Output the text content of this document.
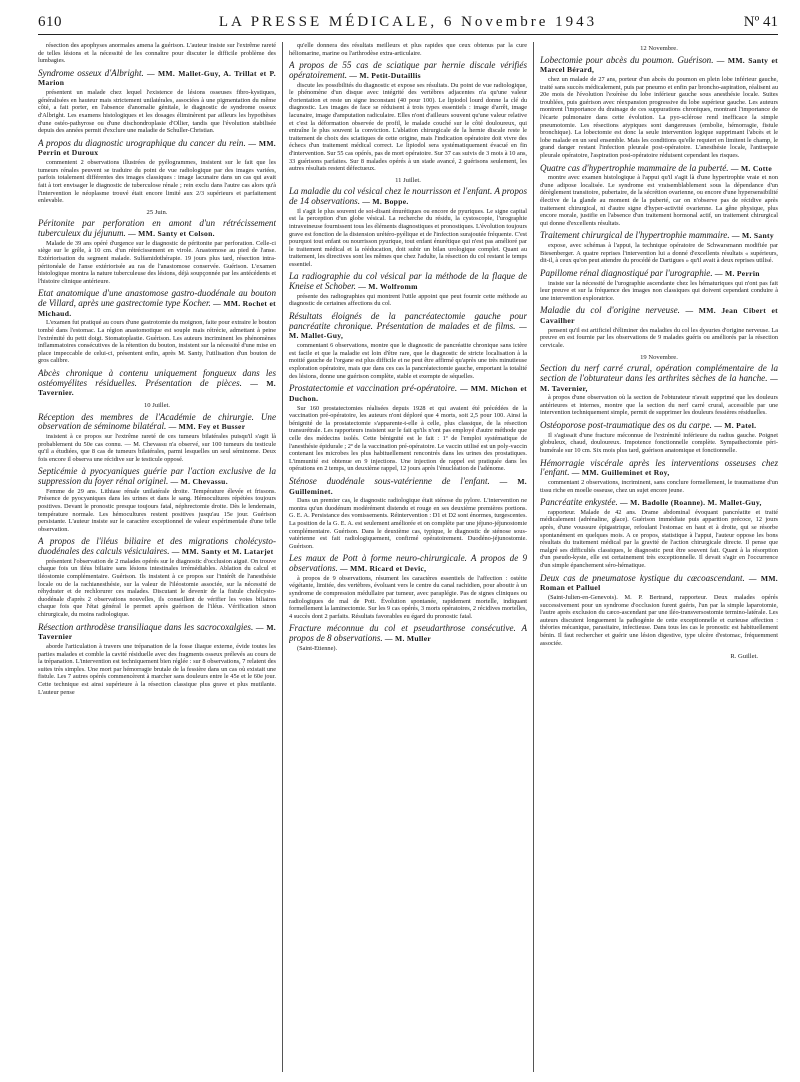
610	LA PRESSE MÉDICALE, 6 Novembre 1943	Nº 41

résection des apophyses anormales amena la guérison. L'auteur insiste sur l'extrême rareté de telles lésions et la nécessité de les connaître pour discuter le difficile problème des lumbagies.

Syndrome osseux d'Albright. — MM. Mallet-Guy, A. Trillat et P. Marion

présentent un malade chez lequel l'existence de lésions osseuses fibro-kystiques, généralisées en hauteur mais strictement unilatérales, associées à une pigmentation du même côté, a fait porter, en l'absence d'anomalie génitale, le diagnostic de syndrome osseux d'Albright. Les examens histologiques et les dosages éliminèrent par ailleurs les hypothèses d'une ostéo-pathyrose ou d'une dischondroplasie d'Ollier, tandis que l'évolution stabilisée depuis des années permit d'exclure une maladie de Schuller-Christian.

A propos du diagnostic urographique du cancer du rein. — MM. Perrin et Duroux

commentent 2 observations illustrées de pyélogrammes, insistent sur le fait que les tumeurs rénales peuvent se traduire du point de vue radiologique par des images variées, parfois totalement différentes des images classiques : image lacunaire dans un cas qui avait fait à tort envisager le diagnostic de tuberculose rénale ; rein exclu dans l'autre cas alors qu'à l'intervention le néoplasme trouvé était encore limité aux 2/3 supérieurs et parfaitement enlevable.

25 Juin.
Péritonite par perforation en amont d'un rétrécissement tuberculeux du jéjunum. — MM. Santy et Colson.

Malade de 39 ans opéré d'urgence sur le diagnostic de péritonite par perforation. Celle-ci siège sur le grêle, à 10 cm. d'un rétrécissement en virole. Anastomose au pied de l'anse. Extériorisation du segment malade. Sulfamidothérapie. 19 jours plus tard, résection intra-péritonéale de l'anse extériorisée au ras de l'anastomose conservée. Guérison. L'examen histologique montra la nature tuberculeuse des lésions, déjà soupçonnée par les antécédents et l'histoire clinique antérieure.

Etat anatomique d'une anastomose gastro-duodénale au bouton de Villard, après une gastrectomie type Kocher. — MM. Rochet et Michaud.

L'examen fut pratiqué au cours d'une gastrotomie du moignon, faite pour extraire le bouton tombé dans l'estomac. La région anastomotique est souple mais rétrécie, admettant à peine l'extrémité du petit doigt. Stomatoplastie. Guérison. Les auteurs incriminent les phénomènes inflammatoires consécutives de la rétention du bouton, insistent sur la nécessité d'une mise en place impeccable de celui-ci, présentent enfin, après M. Santy, l'utilisation d'un bouton de gros calibre.

Abcès chronique à contenu uniquement fongueux dans les ostéomyélites résiduelles. Présentation de pièces. — M. Tavernier.
10 Juillet.
Réception des membres de l'Académie de chirurgie. Une observation de séminome bilatéral. — MM. Fey et Busser

insistent à ce propos sur l'extrême rareté de ces tumeurs bilatérales puisqu'il s'agit là probablement du 50e cas connu. — M. Chevassu n'a observé, sur 100 tumeurs du testicule qu'il a étudiées, que 8 cas de tumeurs bilatérales, parmi lesquelles un seul séminome. Deux fois encore il observa une récidive sur le testicule opposé.

Septicémie à pyocyaniques guérie par l'action exclusive de la suppression du foyer rénal originel. — M. Chevassu.

Femme de 29 ans. Lithiase rénale unilatérale droite. Température élevée et frissons. Présence de pyocyaniques dans les urines et dans le sang. Hémocultures répétées toujours positives. Devant le pronostic presque toujours fatal, néphrectomie droite. Dès le lendemain, température normale. Les hémocultures restent positives jusqu'au 15e jour. Guérison persistante. L'auteur insiste sur le caractère exceptionnel de valeur expérimentale d'une telle observation.

A propos de l'iléus biliaire et des migrations cholécysto-duodénales des calculs vésiculaires. — MM. Santy et M. Latarjet

présentent l'observation de 2 malades opérés sur le diagnostic d'occlusion aiguë. On trouve chaque fois un iléus biliaire sans lésions intestinales irrémédiables. Ablation du calcul et iléostomie complémentaire. Guérison. Ils insistent à ce propos sur l'intérêt de l'anesthésie locale ou de la rachianesthésie, sur la valeur de l'iléostomie associée, sur la nécessité de réhydrater et de rechlorurer ces malades. Discutant le devenir de la fistule cholécysto-duodénale d'après 2 observations nouvelles, ils conseillent de vérifier les voies biliaires chaque fois que l'état général le permet après guérison de l'iléus. Vérification sinon chirurgicale, du moins radiologique.

Résection arthrodèse transiliaque dans les sacrocoxalgies. — M. Tavernier

aborde l'articulation à travers une trépanation de la fosse iliaque externe, évide toutes les parties malades et comble la cavité résiduelle avec des fragments osseux prélevés au cours de la trépanation. L'intervention est techniquement bien réglée : sur 8 observations, 7 relatent des suites très simples. Une mort par hémorragie brutale de la fessière dans un cas où existait une fistule. Les 7 autres opérés commencèrent à marcher sans douleurs entre le 45e et le 60e jour. Cette technique est ainsi supérieure à la résection classique plus grave et plus mutilante. L'auteur pense

qu'elle donnera des résultats meilleurs et plus rapides que ceux obtenus par la cure héliomarine, marine ou l'arthrodèse extra-articulaire.

A propos de 55 cas de sciatique par hernie discale vérifiés opératoirement. — M. Petit-Dutaillis

discute les possibilités du diagnostic et expose ses résultats. Du point de vue radiologique, le phénomène d'un disque avec intégrité des vertèbres adjacentes n'a qu'une valeur d'orientation et reste un signe inconstant (40 pour 100). Le lipiodol lourd donne la clé du diagnostic. Les images de face se réduisent à trois types essentiels : image d'arrêt, image lacunaire, image d'amputation radiculaire. Elles n'ont d'ailleurs souvent qu'une valeur relative et c'est la déformation observée de profil, le malade couché sur le côté douloureux, qui entraîne le plus souvent la conviction. L'ablation chirurgicale de la hernie discale reste le traitement de choix des sciatiques de cette origine, mais l'indication opératoire doit vivre des échecs d'un traitement médical correct. Le lipiodol sera systématiquement évacué en fin d'intervention. Sur 55 cas opérés, pas de mort opératoire. Sur 37 cas suivis de 3 mois à 10 ans, 33 guérisons parfaites. Sur 8 malades opérés à un stade avancé, 2 guérisons seulement, les autres résultats restent défectueux.

11 Juillet.
La maladie du col vésical chez le nourrisson et l'enfant. A propos de 14 observations. — M. Boppe.

Il s'agit le plus souvent de soi-disant énurétiques ou encore de pyuriques. Le signe capital est la perception d'un globe vésical. La recherche du résidu, la cystoscopie, l'urographie intraveineuse fournissent tous les éléments diagnostiques et pronostiques. L'évolution toujours grave est fonction de la distension urétéro-pyélique et de l'infection surajoutée fréquente. C'est pourquoi tout enfant ou nourrisson pyurique, tout enfant énurétique qui n'est pas amélioré par le traitement médical et la rééducation, doit subir un bilan urologique complet. Quant au traitement, les directives sont les mêmes que chez l'adulte, la résection du col restant le temps essentiel.

La radiographie du col vésical par la méthode de la flaque de Kneise et Schober. — M. Wolfromm

présente des radiographies qui montrent l'utile appoint que peut fournir cette méthode au diagnostic de certaines affections du col.

Résultats éloignés de la pancréatectomie gauche pour pancréatite chronique. Présentation de malades et de films. — M. Mallet-Guy,

commentant 6 observations, montre que le diagnostic de pancréatite chronique sans ictère est facile et que la maladie est loin d'être rare, que le diagnostic de stricte localisation à la moitié gauche de l'organe est plus difficile et ne peut être affirmé qu'après une très minutieuse exploration opératoire, mais que dans ces cas la pancréatectomie gauche, emportant la totalité des lésions, donne une guérison complète, stable et exempte de séquelles.

Prostatectomie et vaccination pré-opératoire. — MM. Michon et Duchon.

Sur 160 prostatectomies réalisées depuis 1928 et qui avaient été précédées de la vaccination pré-opératoire, les auteurs n'ont déploré que 4 morts, soit 2,5 pour 100. Ainsi la bénignité de la prostatectomie s'apparente-t-elle à celle, plus classique, de la résection transurétrale. Les rapporteurs insistent sur le fait qu'ils n'ont pas employé d'autre méthode que celle des médecins isolés. Cette bénignité est le fait : 1º de l'emploi systématique de l'anesthésie épidurale ; 2º de la vaccination pré-opératoire. Le vaccin utilisé est un poly-vaccin contenant les microbes les plus habituellement rencontrés dans les urines des prostatiques. L'immunité est obtenue en 9 injections. Une injection de rappel est pratiquée dans les opérations en 2 temps, un deuxième rappel, 12 jours après l'énucléation de l'adénome.

Sténose duodénale sous-vatérienne de l'enfant. — M. Guilleminet.

Dans un premier cas, le diagnostic radiologique était sténose du pylore. L'intervention ne montra qu'un duodénum modérément distendu et rouge en ses deuxième premières portions. G. E. A. Persistance des vomissements. Réintervention : D1 et D2 sont énormes, turgescentes. La position de la G. E. A. est seulement améliorée et on complète par une jéjuno-jéjunostomie complémentaire. Guérison. Dans le deuxième cas, typique, le diagnostic de sténose sous-vatérienne est fait radiologiquement, confirmé opératoirement. Duodéno-jéjunostomie. Guérison.

Les maux de Pott à forme neuro-chirurgicale. A propos de 9 observations. — MM. Ricard et Devic,

à propos de 9 observations, résument les caractères essentiels de l'affection : ostéite végétante, limitée, des vertèbres, évoluant vers le centre du canal rachidien, pour aboutir à un syndrome de compression médullaire par tumeur, avec paraplégie. Pas de signes cliniques ou radiologiques de mal de Pott. Évolution spontanée, rapidement mortelle, indiquant formellement la laminectomie. Sur les 9 cas opérés, 3 morts opératoires, 2 récidives mortelles, 4 succès dont 2 parfaits. Résultats favorables eu égard du pronostic fatal.

Fracture méconnue du col et pseudarthrose consécutive. A propos de 8 observations. — M. Muller

(Saint-Etienne).

12 Novembre.
Lobectomie pour abcès du poumon. Guérison. — MM. Santy et Marcel Bérard,

chez un malade de 27 ans, porteur d'un abcès du poumon en plein lobe inférieur gauche, traité sans succès médicalement, puis par pneumo et enfin par broncho-aspiration, réalisent au 20e mois de l'évolution l'exérèse du lobe inférieur gauche sous anesthésie locale. Suites troublées, puis guérison avec réexpansion progressive du lobe supérieur gauche. Les auteurs montrent l'importance du drainage de ces suppurations chroniques, montrant l'importance de l'écarte pulmonaire dans cette évolution. La pyo-sclérose rend inefficace la simple pneumotomie. Les résections atypiques sont dangereuses (embolie, hémorragie, fistule bronchique). La lobectomie est donc la seule intervention logique supprimant l'abcès et le lobe malade en un seul ensemble. Mais les conditions qu'elle requiert en limitent le champ, le grand danger restant l'infection pleurale post-opératoire. L'anesthésie locale, l'antisepsie pleurale opératoire, l'aspiration post-opératoire réduisent cependant les risques.

Quatre cas d'hypertrophie mammaire de la puberté. — M. Cotte

montre avec examen histologique à l'appui qu'il s'agit là d'une hypertrophie vraie et non d'une adipose localisée. Le syndrome est vraisemblablement sous la dépendance d'un dérèglement transitoire, pubertaire, de la sécrétion ovarienne, ou encore d'une hypersensibilité élective de la glande au moment de la puberté, car on n'observe pas de récidive après traitement chirurgical, ni d'autre signe d'hyper-activité ovarienne. La gêne physique, plus encore morale, justifie en l'absence d'un traitement hormonal actif, un traitement chirurgical qui donne d'excellents résultats.

Traitement chirurgical de l'hypertrophie mammaire. — M. Santy

expose, avec schémas à l'appui, la technique opératoire de Schwarsmann modifiée par Biesenberger. A quatre reprises l'intervention lui a donné d'excellents résultats « supérieurs, dit-il, à ceux qu'on peut attendre du procédé de Dartigues » qu'il avait à deux reprises utilisé.

Papillome rénal diagnostiqué par l'urographie. — M. Perrin

insiste sur la nécessité de l'urographie ascendante chez les hématuriques qui n'ont pas fait leur preuve et sur la fréquence des images non classiques qui doivent cependant conduire à une intervention exploratrice.

Maladie du col d'origine nerveuse. — MM. Jean Cibert et Cavailher

pensent qu'il est artificiel d'éliminer des maladies du col les dysuries d'origine nerveuse. La preuve en est fournie par les observations de 9 malades guéris ou améliorés par la résection cervicale.

19 Novembre.
Section du nerf carré crural, opération complémentaire de la section de l'obturateur dans les arthrites sèches de la hanche. — M. Tavernier,

à propos d'une observation où la section de l'obturateur n'avait supprimé que les douleurs antérieures et internes, montre que la section du nerf carré crural, accessible par une intervention techniquement simple, permit de supprimer les douleurs fessières résiduelles.

Ostéoporose post-traumatique des os du carpe. — M. Patel.

Il s'agissait d'une fracture méconnue de l'extrémité inférieure du radius gauche. Poignet globuleux, chaud, douloureux. Impotence fonctionnelle complète. Sympathectomie péri-humérale sur 10 cm. Six mois plus tard, guérison anatomique et fonctionnelle.

Hémorragie viscérale après les interventions osseuses chez l'enfant. — MM. Guilleminet et Roy,

commentant 2 observations, incriminent, sans conclure formellement, le traumatisme d'un tissu riche en moelle osseuse, chez un sujet encore jeune.

Pancréatite enkystée. — M. Badolle (Roanne). M. Mallet-Guy,

rapporteur. Malade de 42 ans. Drame abdominal évoquant pancréatite et traité médicalement (adrénaline, glace). Guérison immédiate puis apparition précoce, 12 jours après, d'une voussure épigastrique, refoulant l'estomac en haut et à droite, qui se résorbe spontanément en quelques mois. A ce propos, statistique à l'appui, l'auteur oppose les bons résultats du traitement médical par la gravité de l'action chirurgicale directe. Il pense que malgré ses difficultés classiques, le diagnostic peut être souvent fait. Quant à la résorption d'un pseudo-kyste, elle est certainement très exceptionnelle. Il devait s'agir en l'occurrence d'un simple épanchement séro-hématique.

Deux cas de pneumatose kystique du cæcoascendant. — MM. Roman et Palluel

(Saint-Julien-en-Genevois). M. P. Bertrand, rapporteur. Deux malades opérés successivement pour un syndrome d'occlusion furent guéris, l'un par la simple laparotomie, l'autre après exclusion du cæco-ascendant par une iléo-transversostomie termino-latérale. Les auteurs discutent longuement la pathogénie de cette exceptionnelle et curieuse affection : théories mécanique, parasitaire, infectieuse. Dans tous les cas le pronostic est habituellement bénin. Il faut rechercher et guérir une lésion digestive, type ulcère d'estomac, fréquemment associée.

R. Guillet.
